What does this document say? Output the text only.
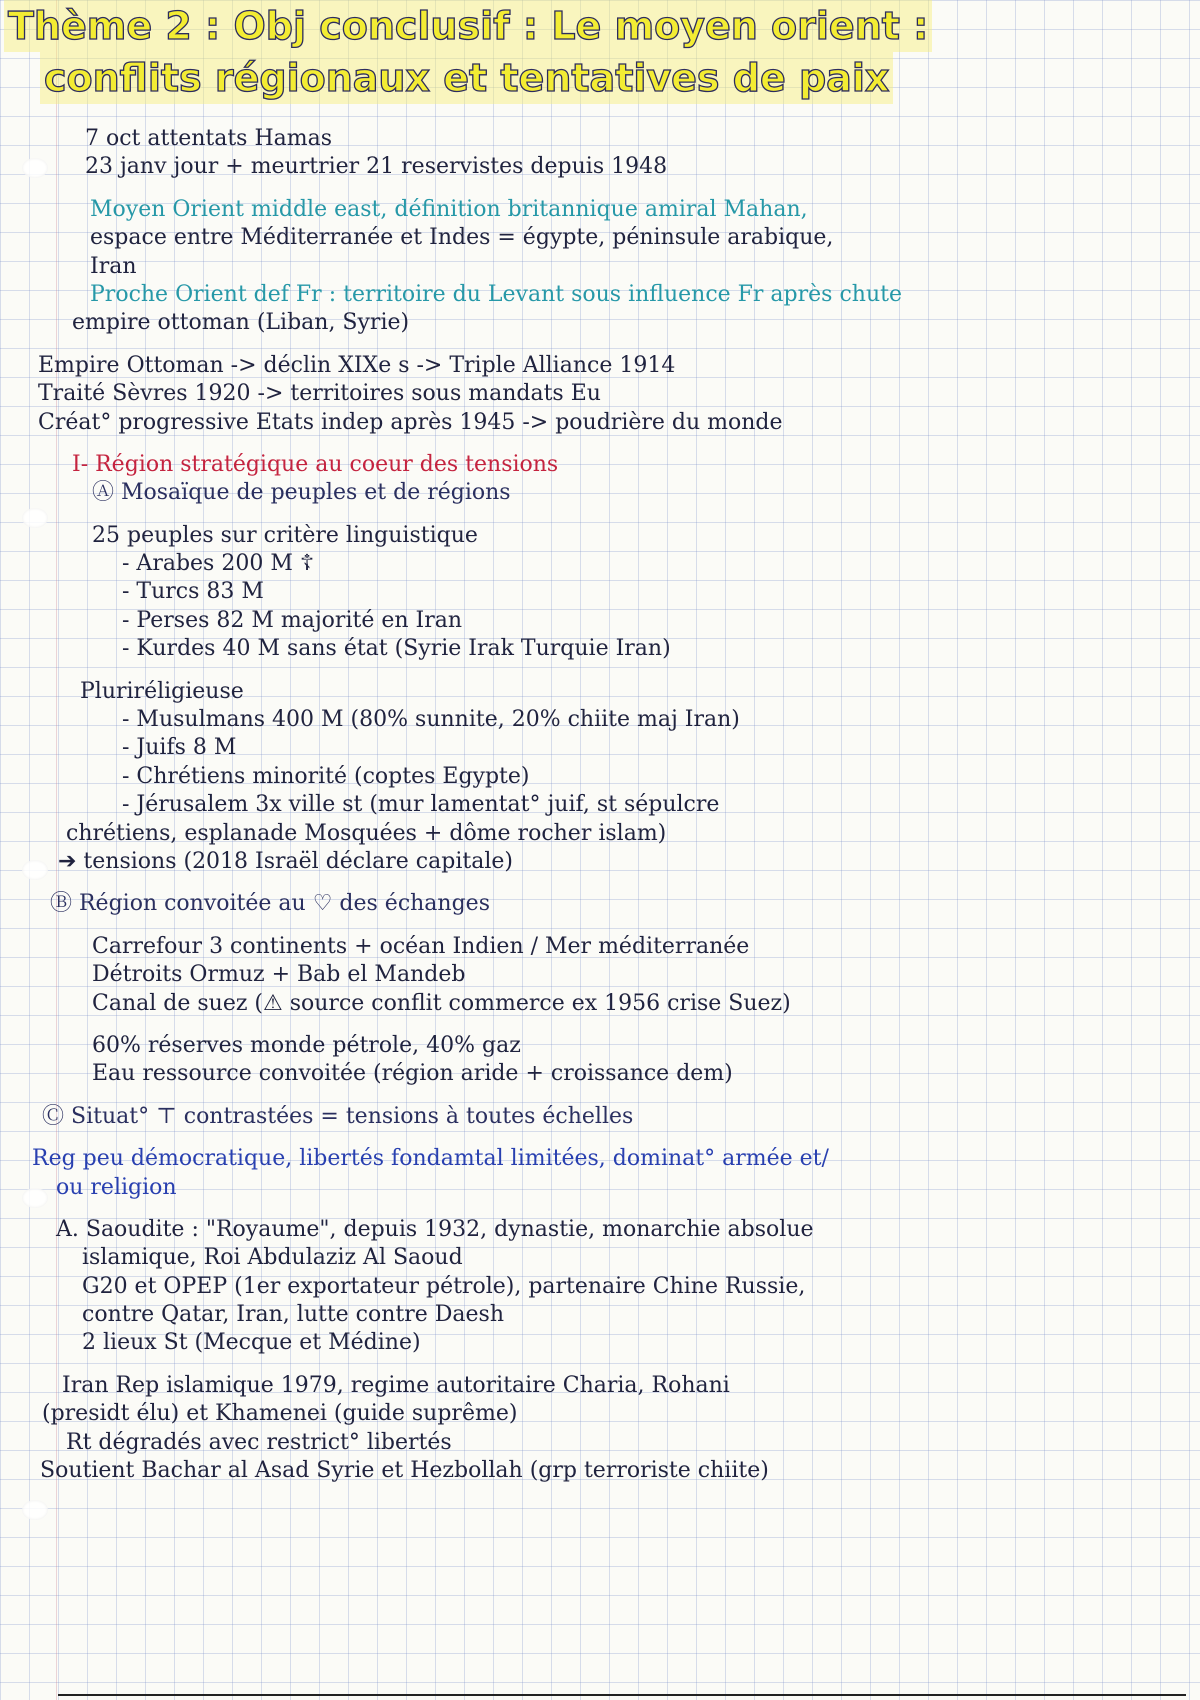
Thème 2 : Obj conclusif : Le moyen orient :
conflits régionaux et tentatives de paix
7 oct attentats Hamas
23 janv jour + meurtrier 21 reservistes depuis 1948
Moyen Orient middle east, définition britannique amiral Mahan,
espace entre Méditerranée et Indes = égypte, péninsule arabique,
Iran
Proche Orient def Fr : territoire du Levant sous influence Fr après chute
empire ottoman (Liban, Syrie)
Empire Ottoman -> déclin XIXe s -> Triple Alliance 1914
Traité Sèvres 1920 -> territoires sous mandats Eu
Créat° progressive Etats indep après 1945 -> poudrière du monde
I- Région stratégique au coeur des tensions
Ⓐ Mosaïque de peuples et de régions
25 peuples sur critère linguistique
- Arabes 200 M ☦
- Turcs 83 M
- Perses 82 M majorité en Iran
- Kurdes 40 M sans état (Syrie Irak Turquie Iran)
Pluriréligieuse
- Musulmans 400 M (80% sunnite, 20% chiite maj Iran)
- Juifs 8 M
- Chrétiens minorité (coptes Egypte)
- Jérusalem 3x ville st (mur lamentat° juif, st sépulcre
chrétiens, esplanade Mosquées + dôme rocher islam)
➔ tensions (2018 Israël déclare capitale)
Ⓑ Région convoitée au ♡ des échanges
Carrefour 3 continents + océan Indien / Mer méditerranée
Détroits Ormuz + Bab el Mandeb
Canal de suez (⚠ source conflit commerce ex 1956 crise Suez)
60% réserves monde pétrole, 40% gaz
Eau ressource convoitée (région aride + croissance dem)
Ⓒ Situat° ⊤ contrastées = tensions à toutes échelles
Reg peu démocratique, libertés fondamtal limitées, dominat° armée et/
ou religion
A. Saoudite : "Royaume", depuis 1932, dynastie, monarchie absolue
islamique, Roi Abdulaziz Al Saoud
G20 et OPEP (1er exportateur pétrole), partenaire Chine Russie,
contre Qatar, Iran, lutte contre Daesh
2 lieux St (Mecque et Médine)
Iran Rep islamique 1979, regime autoritaire Charia, Rohani
(presidt élu) et Khamenei (guide suprême)
Rt dégradés avec restrict° libertés
Soutient Bachar al Asad Syrie et Hezbollah (grp terroriste chiite)
